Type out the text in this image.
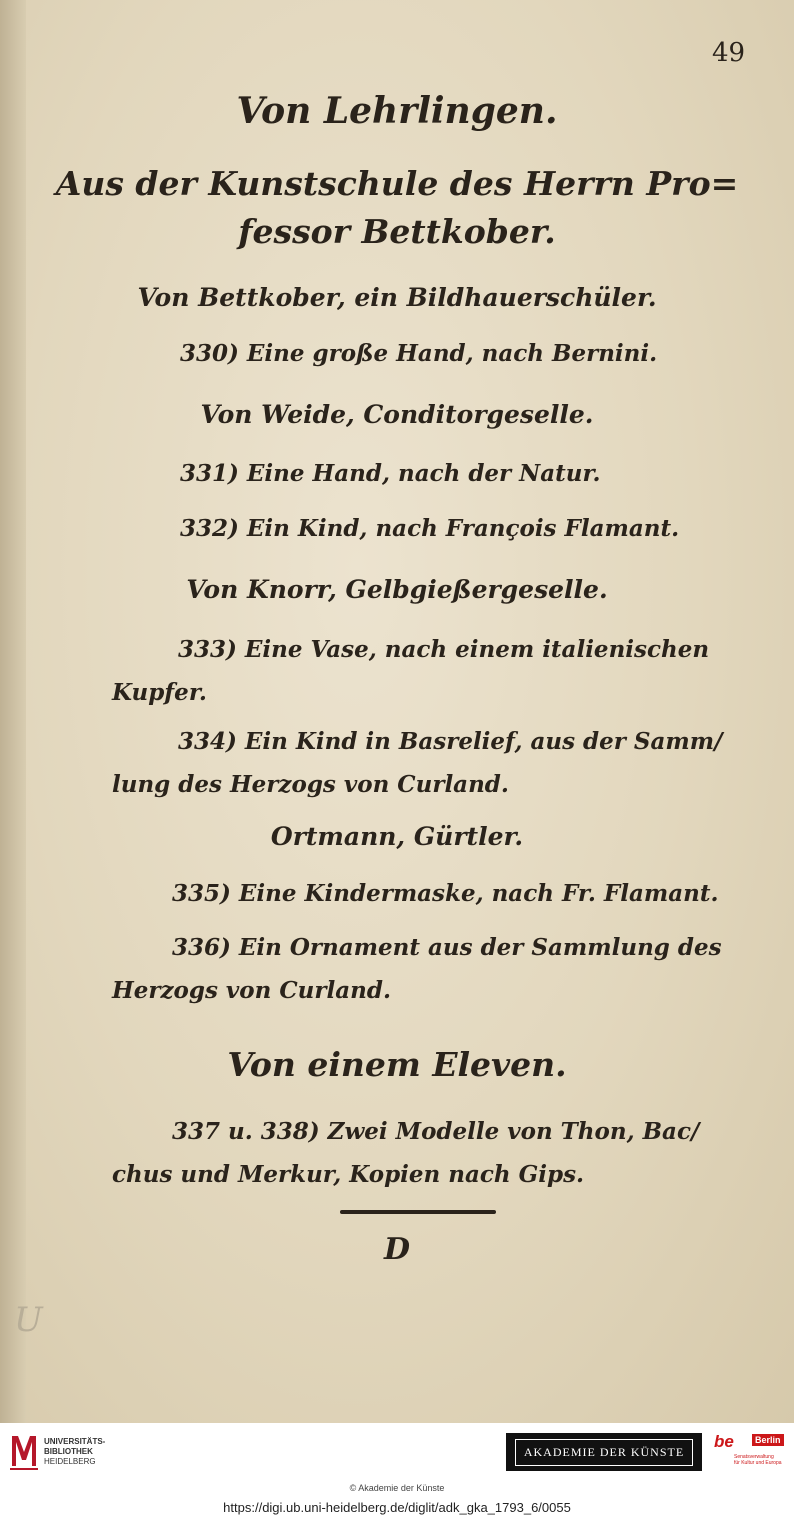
49
Von Lehrlingen.
Aus der Kunstschule des Herrn Pro=
fessor Bettkober.
Von Bettkober, ein Bildhauerschüler.
330) Eine große Hand, nach Bernini.
Von Weide, Conditorgeselle.
331) Eine Hand, nach der Natur.
332) Ein Kind, nach François Flamant.
Von Knorr, Gelbgießergeselle.
333) Eine Vase, nach einem italienischen Kupfer.
334) Ein Kind in Basrelief, aus der Samm/ lung des Herzogs von Curland.
Ortmann, Gürtler.
335) Eine Kindermaske, nach Fr. Flamant.
336) Ein Ornament aus der Sammlung des Herzogs von Curland.
Von einem Eleven.
337 u. 338) Zwei Modelle von Thon, Bac/ chus und Merkur, Kopien nach Gips.
D
U
UNIVERSITÄTS-
BIBLIOTHEK
HEIDELBERG
AKADEMIE DER KÜNSTE
be	Berlin
Senatsverwaltung
für Kultur und Europa
© Akademie der Künste
https://digi.ub.uni-heidelberg.de/diglit/adk_gka_1793_6/0055
